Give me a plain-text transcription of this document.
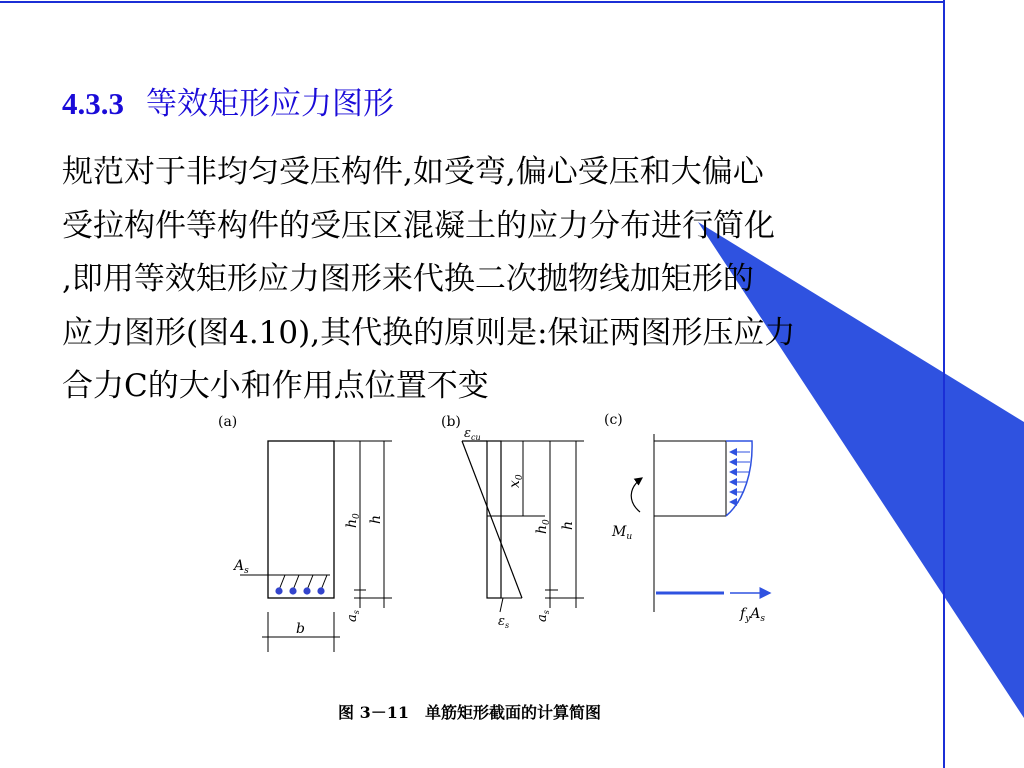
4.3.3 等效矩形应力图形
规范对于非均匀受压构件,如受弯,偏心受压和大偏心
受拉构件等构件的受压区混凝土的应力分布进行简化
,即用等效矩形应力图形来代换二次抛物线加矩形的
应力图形(图4.10),其代换的原则是:保证两图形压应力
合力C的大小和作用点位置不变
(a)
$A_s$
$h_0$ h
$a_s$
b
(b)
$\varepsilon_{cu}$
$\varepsilon_s$
$x_0$
$h_0$ h
$a_s$
(c)
$M_u$
$f_yA_s$
图 3－11　单筋矩形截面的计算简图
